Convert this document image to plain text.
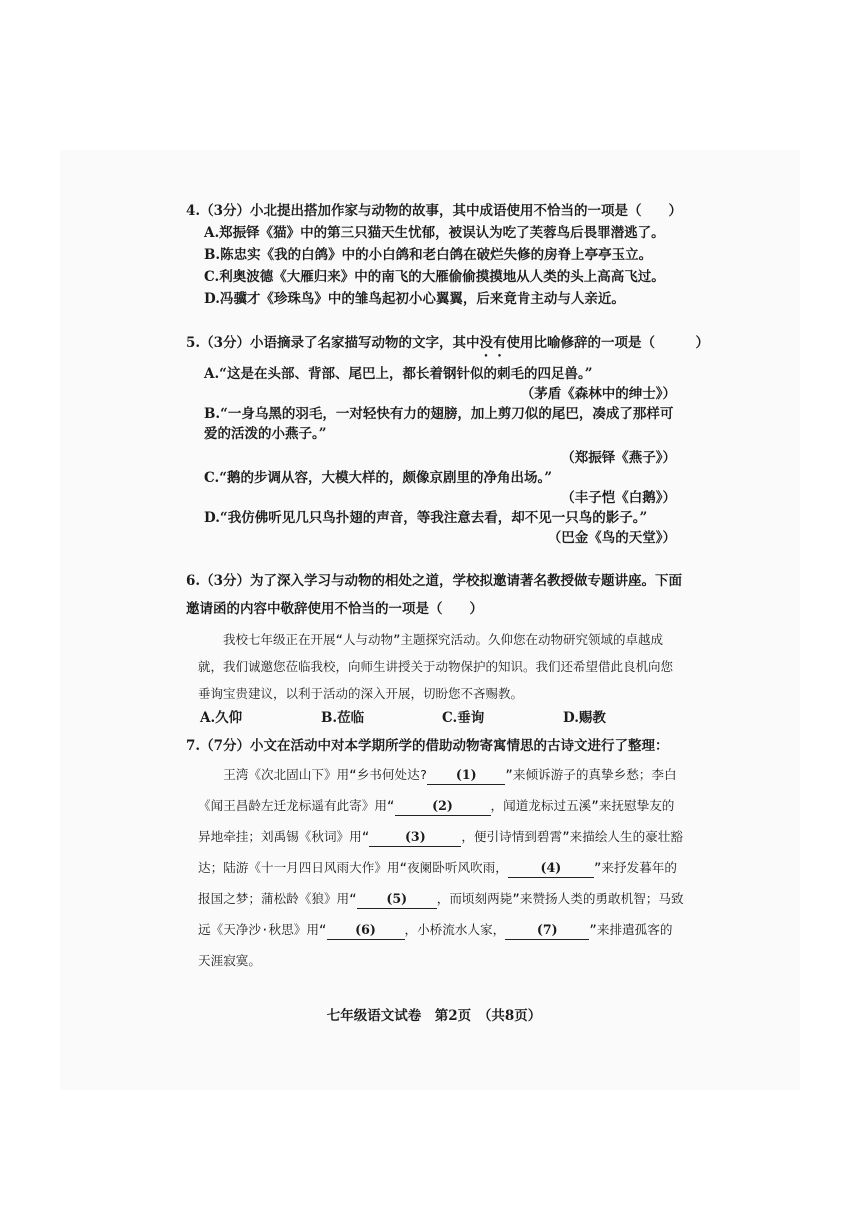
4.（3分）小北提出搭加作家与动物的故事，其中成语使用不恰当的一项是（　　）
A.郑振铎《猫》中的第三只猫天生忧郁，被误认为吃了芙蓉鸟后畏罪潜逃了。
B.陈忠实《我的白鸽》中的小白鸽和老白鸽在破烂失修的房脊上亭亭玉立。
C.利奥波德《大雁归来》中的南飞的大雁偷偷摸摸地从人类的头上高高飞过。
D.冯骥才《珍珠鸟》中的雏鸟起初小心翼翼，后来竟肯主动与人亲近。
5.（3分）小语摘录了名家描写动物的文字，其中没有使用比喻修辞的一项是（　　　）
A.“这是在头部、背部、尾巴上，都长着钢针似的刺毛的四足兽。”
（茅盾《森林中的绅士》）
B.“一身乌黑的羽毛，一对轻快有力的翅膀，加上剪刀似的尾巴，凑成了那样可爱的活泼的小燕子。”
（郑振铎《燕子》）
C.“鹅的步调从容，大模大样的，颇像京剧里的净角出场。”
（丰子恺《白鹅》）
D.“我仿佛听见几只鸟扑翅的声音，等我注意去看，却不见一只鸟的影子。”
（巴金《鸟的天堂》）
6.（3分）为了深入学习与动物的相处之道，学校拟邀请著名教授做专题讲座。下面
邀请函的内容中敬辞使用不恰当的一项是（　　）
我校七年级正在开展“人与动物”主题探究活动。久仰您在动物研究领域的卓越成就，我们诚邀您莅临我校，向师生讲授关于动物保护的知识。我们还希望借此良机向您垂询宝贵建议，以利于活动的深入开展，切盼您不吝赐教。
A.久仰	B.莅临	C.垂询	D.赐教
7.（7分）小文在活动中对本学期所学的借助动物寄寓情思的古诗文进行了整理：
王湾《次北固山下》用“乡书何处达? (1) ”来倾诉游子的真挚乡愁；李白《闻王昌龄左迁龙标遥有此寄》用“	(2)	，闻道龙标过五溪”来抚慰挚友的异地牵挂；刘禹锡《秋词》用“	(3)	，便引诗情到碧霄”来描绘人生的豪壮豁达；陆游《十一月四日风雨大作》用“夜阑卧听风吹雨，	(4)	”来抒发暮年的报国之梦；蒲松龄《狼》用“ (5) ，而顷刻两毙”来赞扬人类的勇敢机智；马致远《天净沙·秋思》用“ (6) ，小桥流水人家，	(7)	”来排遣孤客的天涯寂寞。
七年级语文试卷　第2页　（共8页）
